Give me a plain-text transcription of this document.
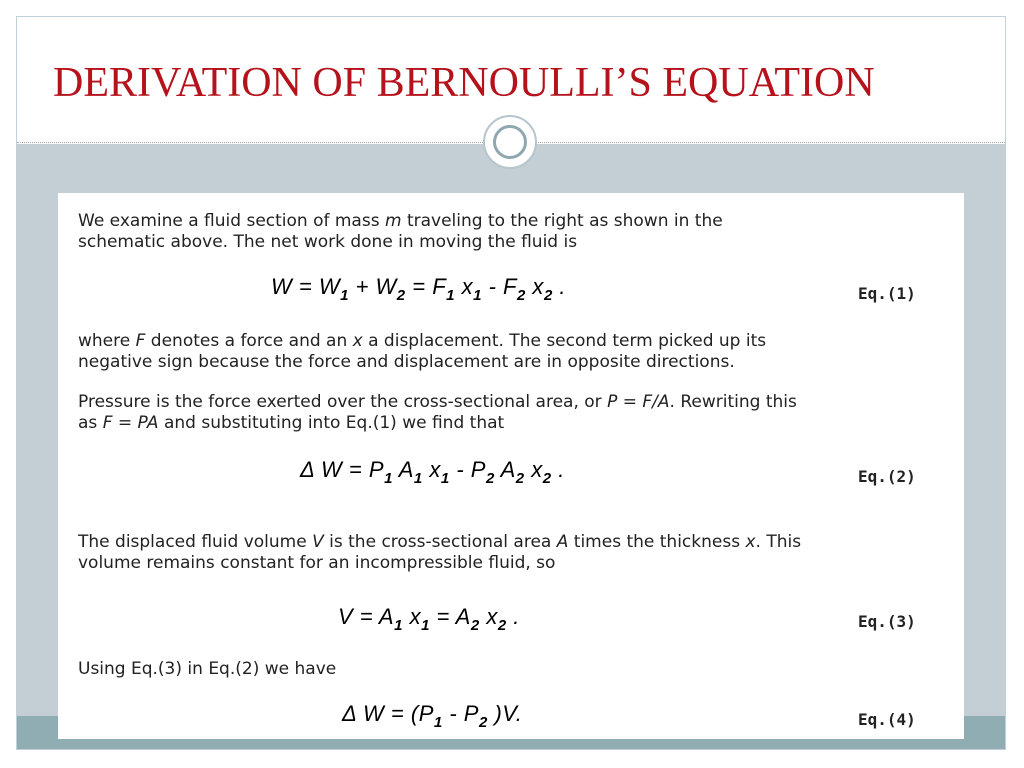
DERIVATION OF BERNOULLI’S EQUATION

We examine a fluid section of mass m traveling to the right as shown in the
schematic above. The net work done in moving the fluid is

$W = W_1 + W_2 = F_1$ $x_1 - F_2$ $x_2$ .	Eq.(1)

where F denotes a force and an x a displacement. The second term picked up its
negative sign because the force and displacement are in opposite directions.

Pressure is the force exerted over the cross-sectional area, or P = F/A. Rewriting this
as F = PA and substituting into Eq.(1) we find that

Δ $W = P_1$ $A_1$ $x_1 - P_2$ $A_2$ $x_2$ .	Eq.(2)

The displaced fluid volume V is the cross-sectional area A times the thickness x. This
volume remains constant for an incompressible fluid, so

$V = A_1$ $x_1 = A_2$ $x_2$ .	Eq.(3)

Using Eq.(3) in Eq.(2) we have

Δ $W = (P_1 - P_2$ )V.	Eq.(4)
